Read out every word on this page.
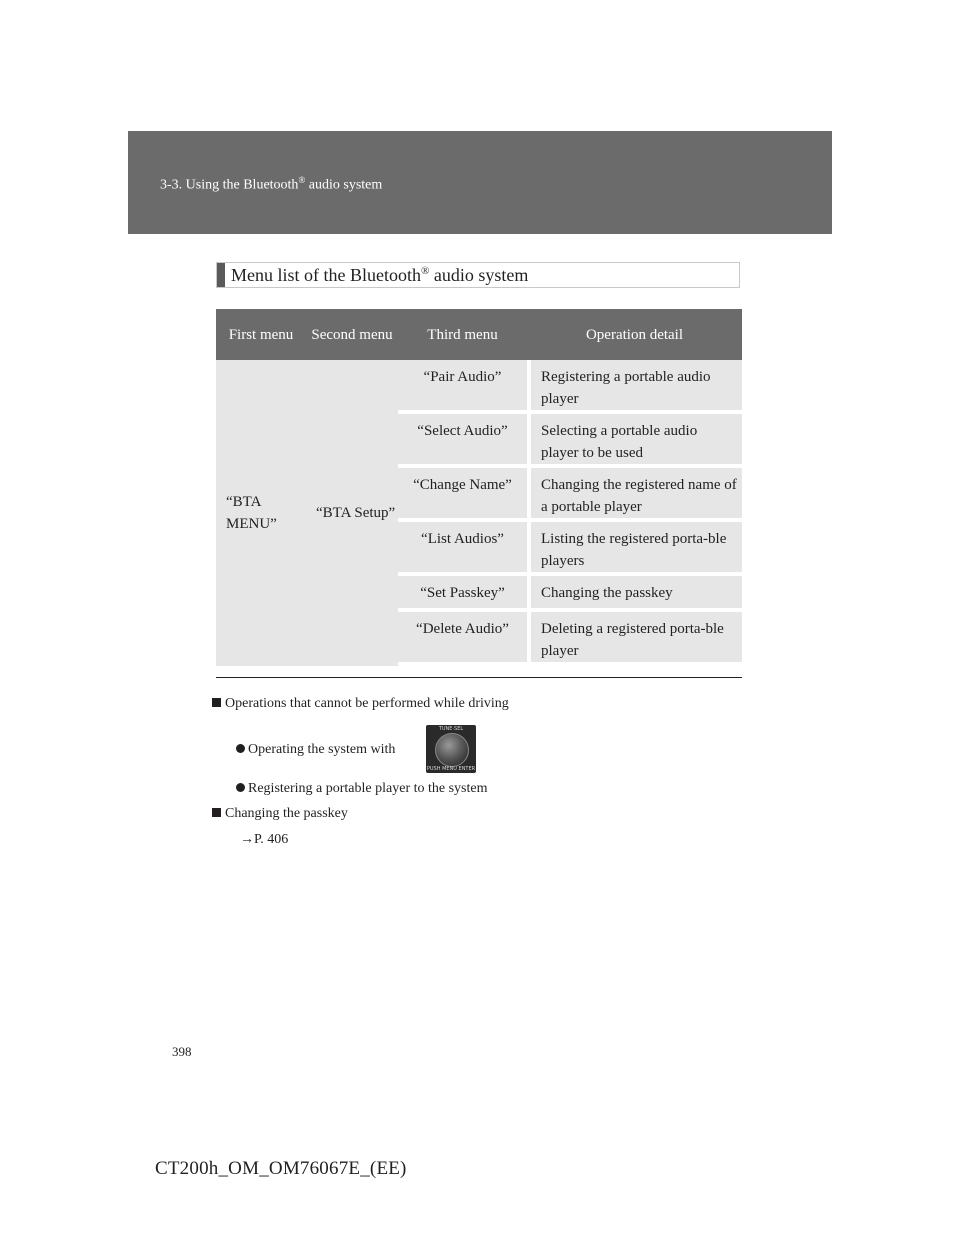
3-3. Using the Bluetooth® audio system
Menu list of the Bluetooth® audio system
First menu	Second menu	Third menu	Operation detail
“BTA MENU”	“BTA Setup”	“Pair Audio”	Registering a portable audio player
		“Select Audio”	Selecting a portable audio player to be used
		“Change Name”	Changing the registered name of a portable player
		“List Audios”	Listing the registered porta-ble players
		“Set Passkey”	Changing the passkey
		“Delete Audio”	Deleting a registered porta-ble player
Operations that cannot be performed while driving
Operating the system with
TUNE·SEL
PUSH MENU ENTER
Registering a portable player to the system
Changing the passkey
→P. 406
398
CT200h_OM_OM76067E_(EE)
